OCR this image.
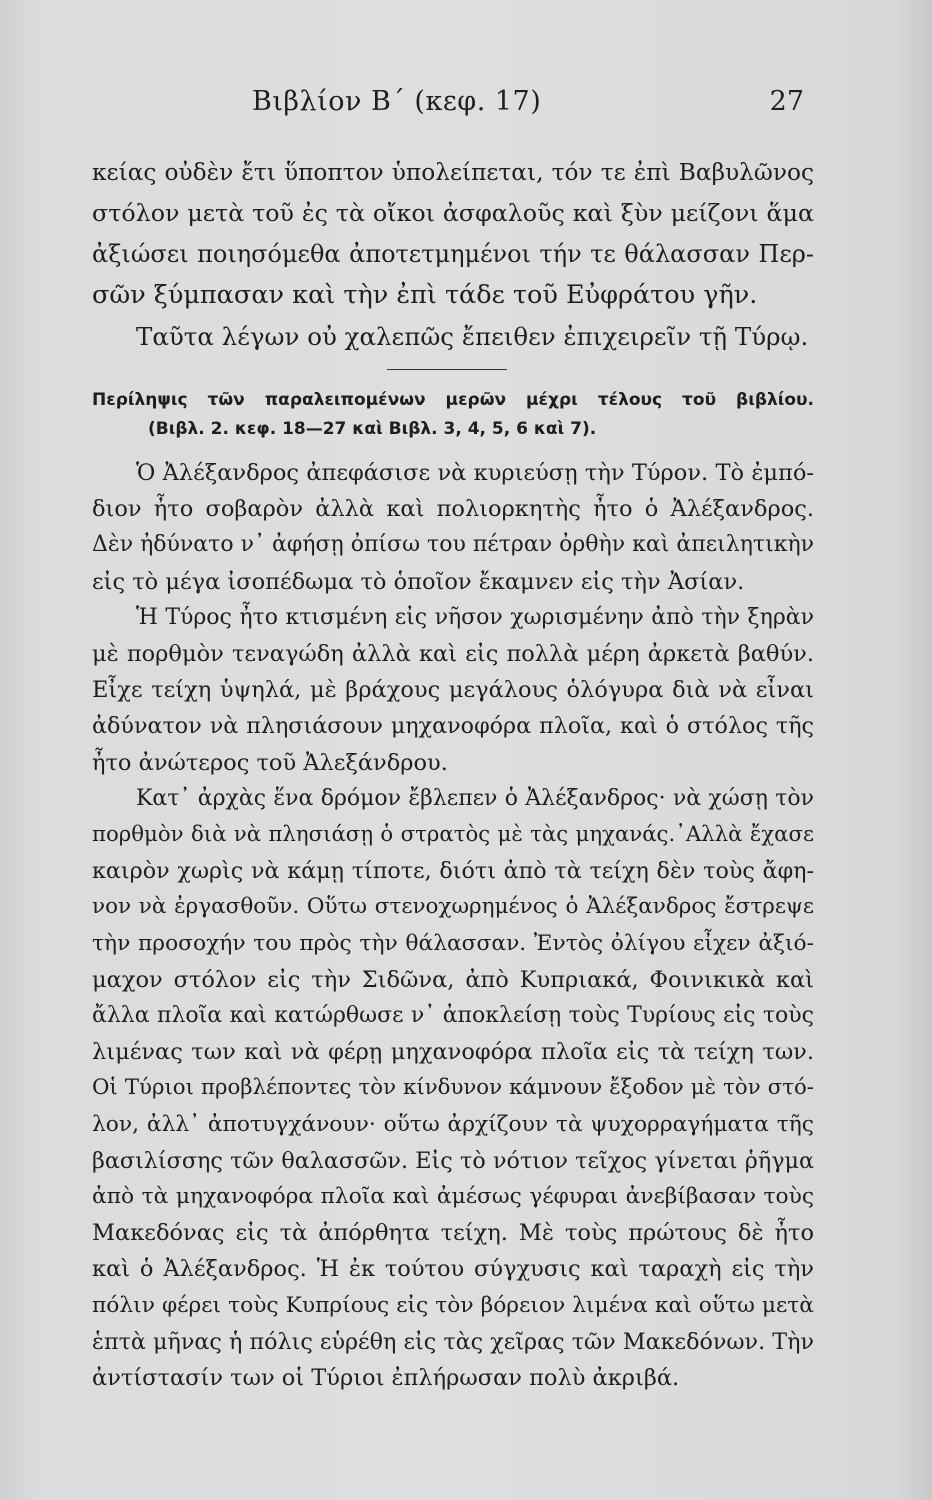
Βιβλίον Β΄ (κεφ. 17)	27
κείας οὐδὲν ἔτι ὕποπτον ὑπολείπεται, τόν τε ἐπὶ Βαβυλῶνος
στόλον μετὰ τοῦ ἐς τὰ οἴκοι ἀσφαλοῦς καὶ ξὺν μείζονι ἅμα
ἀξιώσει ποιησόμεθα ἀποτετμημένοι τήν τε θάλασσαν Περ-
σῶν ξύμπασαν καὶ τὴν ἐπὶ τάδε τοῦ Εὐφράτου γῆν.
Ταῦτα λέγων οὐ χαλεπῶς ἔπειθεν ἐπιχειρεῖν τῇ Τύρῳ.
Περίληψις τῶν παραλειπομένων μερῶν μέχρι τέλους τοῦ βιβλίου.
(Βιβλ. 2. κεφ. 18—27 καὶ Βιβλ. 3, 4, 5, 6 καὶ 7).
Ὁ Ἀλέξανδρος ἀπεφάσισε νὰ κυριεύσῃ τὴν Τύρον. Τὸ ἐμπό-
διον ἦτο σοβαρὸν ἀλλὰ καὶ πολιορκητὴς ἦτο ὁ Ἀλέξανδρος.
Δὲν ἠδύνατο ν᾽ ἀφήσῃ ὀπίσω του πέτραν ὀρθὴν καὶ ἀπειλητικὴν
εἰς τὸ μέγα ἰσοπέδωμα τὸ ὁποῖον ἔκαμνεν εἰς τὴν Ἀσίαν.
Ἡ Τύρος ἦτο κτισμένη εἰς νῆσον χωρισμένην ἀπὸ τὴν ξηρὰν
μὲ πορθμὸν τεναγώδη ἀλλὰ καὶ εἰς πολλὰ μέρη ἀρκετὰ βαθύν.
Εἶχε τείχη ὑψηλά, μὲ βράχους μεγάλους ὁλόγυρα διὰ νὰ εἶναι
ἀδύνατον νὰ πλησιάσουν μηχανοφόρα πλοῖα, καὶ ὁ στόλος τῆς
ἦτο ἀνώτερος τοῦ Ἀλεξάνδρου.
Κατ᾽ ἀρχὰς ἕνα δρόμον ἔβλεπεν ὁ Ἀλέξανδρος· νὰ χώσῃ τὸν
πορθμὸν διὰ νὰ πλησιάσῃ ὁ στρατὸς μὲ τὰς μηχανάς.᾽Αλλὰ ἔχασε
καιρὸν χωρὶς νὰ κάμῃ τίποτε, διότι ἀπὸ τὰ τείχη δὲν τοὺς ἄφη-
νον νὰ ἐργασθοῦν. Οὕτω στενοχωρημένος ὁ Ἀλέξανδρος ἔστρεψε
τὴν προσοχήν του πρὸς τὴν θάλασσαν. Ἐντὸς ὀλίγου εἶχεν ἀξιό-
μαχον στόλον εἰς τὴν Σιδῶνα, ἀπὸ Κυπριακά, Φοινικικὰ καὶ
ἄλλα πλοῖα καὶ κατώρθωσε ν᾽ ἀποκλείσῃ τοὺς Τυρίους εἰς τοὺς
λιμένας των καὶ νὰ φέρῃ μηχανοφόρα πλοῖα εἰς τὰ τείχη των.
Οἱ Τύριοι προβλέποντες τὸν κίνδυνον κάμνουν ἔξοδον μὲ τὸν στό-
λον, ἀλλ᾽ ἀποτυγχάνουν· οὕτω ἀρχίζουν τὰ ψυχορραγήματα τῆς
βασιλίσσης τῶν θαλασσῶν. Εἰς τὸ νότιον τεῖχος γίνεται ῥῆγμα
ἀπὸ τὰ μηχανοφόρα πλοῖα καὶ ἀμέσως γέφυραι ἀνεβίβασαν τοὺς
Μακεδόνας εἰς τὰ ἀπόρθητα τείχη. Μὲ τοὺς πρώτους δὲ ἦτο
καὶ ὁ Ἀλέξανδρος. Ἡ ἐκ τούτου σύγχυσις καὶ ταραχὴ εἰς τὴν
πόλιν φέρει τοὺς Κυπρίους εἰς τὸν βόρειον λιμένα καὶ οὕτω μετὰ
ἑπτὰ μῆνας ἡ πόλις εὑρέθη εἰς τὰς χεῖρας τῶν Μακεδόνων. Τὴν
ἀντίστασίν των οἱ Τύριοι ἐπλήρωσαν πολὺ ἀκριβά.
